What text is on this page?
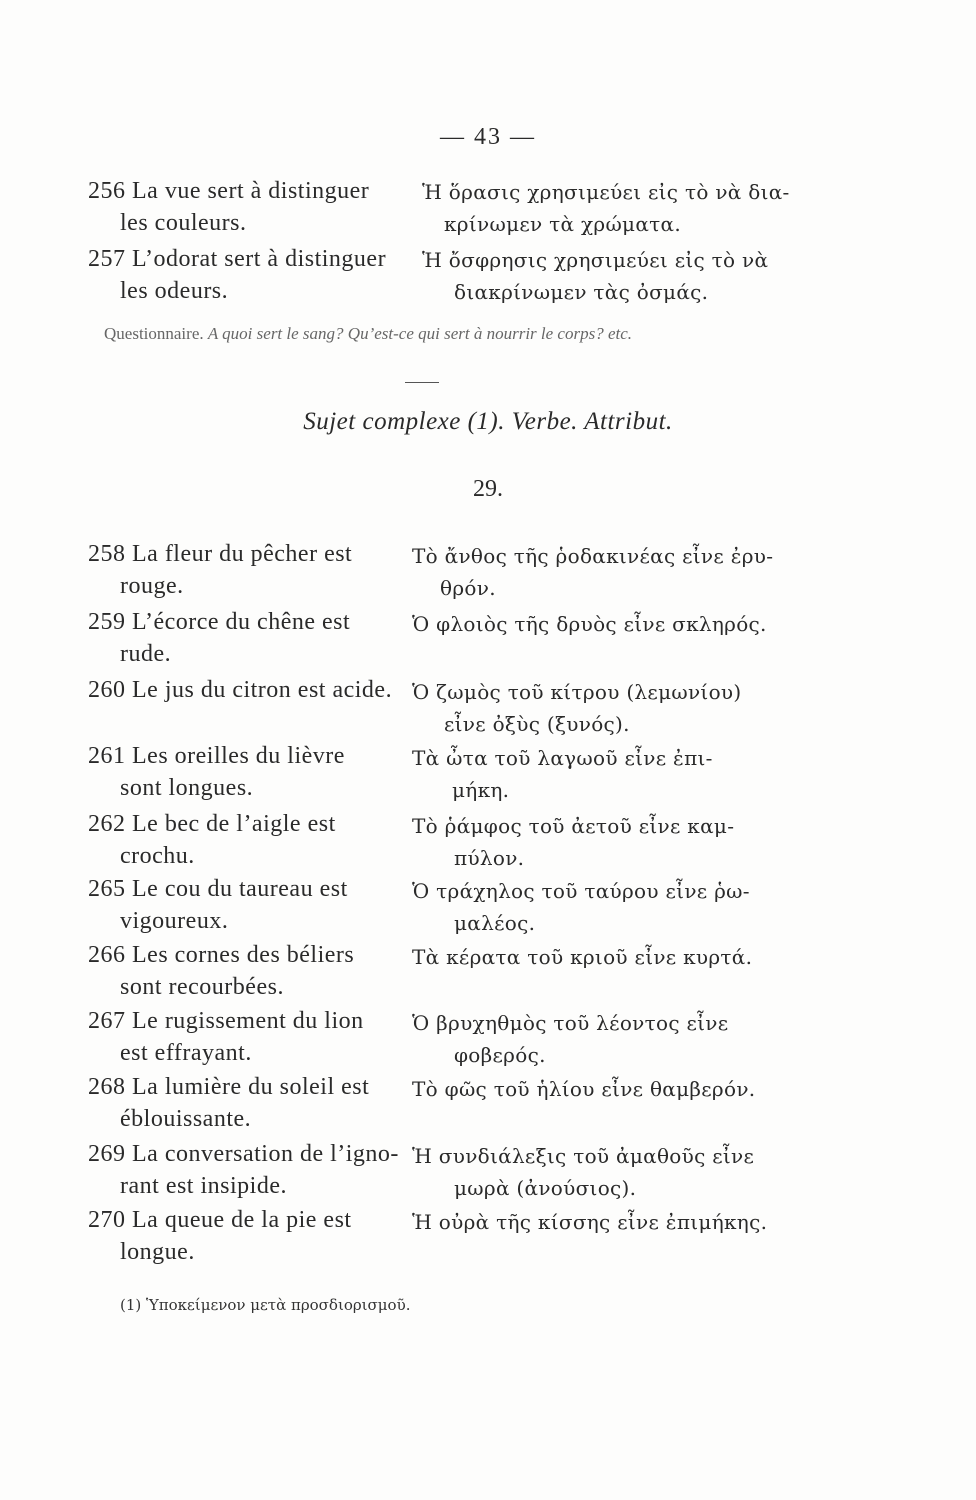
— 43 —
256 La vue sert à distinguer
les couleurs.
Ἡ ὅρασις χρησιμεύει εἰς τὸ νὰ δια-
κρίνωμεν τὰ χρώματα.
257 L’odorat sert à distinguer
les odeurs.
Ἡ ὄσφρησις χρησιμεύει εἰς τὸ νὰ
διακρίνωμεν τὰς ὀσμάς.
Questionnaire. A quoi sert le sang? Qu’est-ce qui sert à nourrir le corps? etc.
Sujet complexe (1). Verbe. Attribut.
29.
258 La fleur du pêcher est
rouge.
Τὸ ἄνθος τῆς ῥοδακινέας εἶνε ἐρυ-
θρόν.
259 L’écorce du chêne est
rude.
Ὁ φλοιὸς τῆς δρυὸς εἶνε σκληρός.
260 Le jus du citron est acide. Ὁ ζωμὸς τοῦ κίτρου (λεμωνίου)
εἶνε ὀξὺς (ξυνός).
261 Les oreilles du lièvre
sont longues.
Τὰ ὦτα τοῦ λαγωοῦ εἶνε ἐπι-
μήκη.
262 Le bec de l’aigle est
crochu.
Τὸ ῥάμφος τοῦ ἀετοῦ εἶνε καμ-
πύλον.
265 Le cou du taureau est
vigoureux.
Ὁ τράχηλος τοῦ ταύρου εἶνε ῥω-
μαλέος.
266 Les cornes des béliers
sont recourbées.
Τὰ κέρατα τοῦ κριοῦ εἶνε κυρτά.
267 Le rugissement du lion
est effrayant.
Ὁ βρυχηθμὸς τοῦ λέοντος εἶνε
φοβερός.
268 La lumière du soleil est
éblouissante.
Τὸ φῶς τοῦ ἡλίου εἶνε θαμβερόν.
269 La conversation de l’igno-
rant est insipide.
Ἡ συνδιάλεξις τοῦ ἀμαθοῦς εἶνε
μωρὰ (ἀνούσιος).
270 La queue de la pie est
longue.
Ἡ οὐρὰ τῆς κίσσης εἶνε ἐπιμήκης.
(1) Ὑποκείμενον μετὰ προσδιορισμοῦ.
